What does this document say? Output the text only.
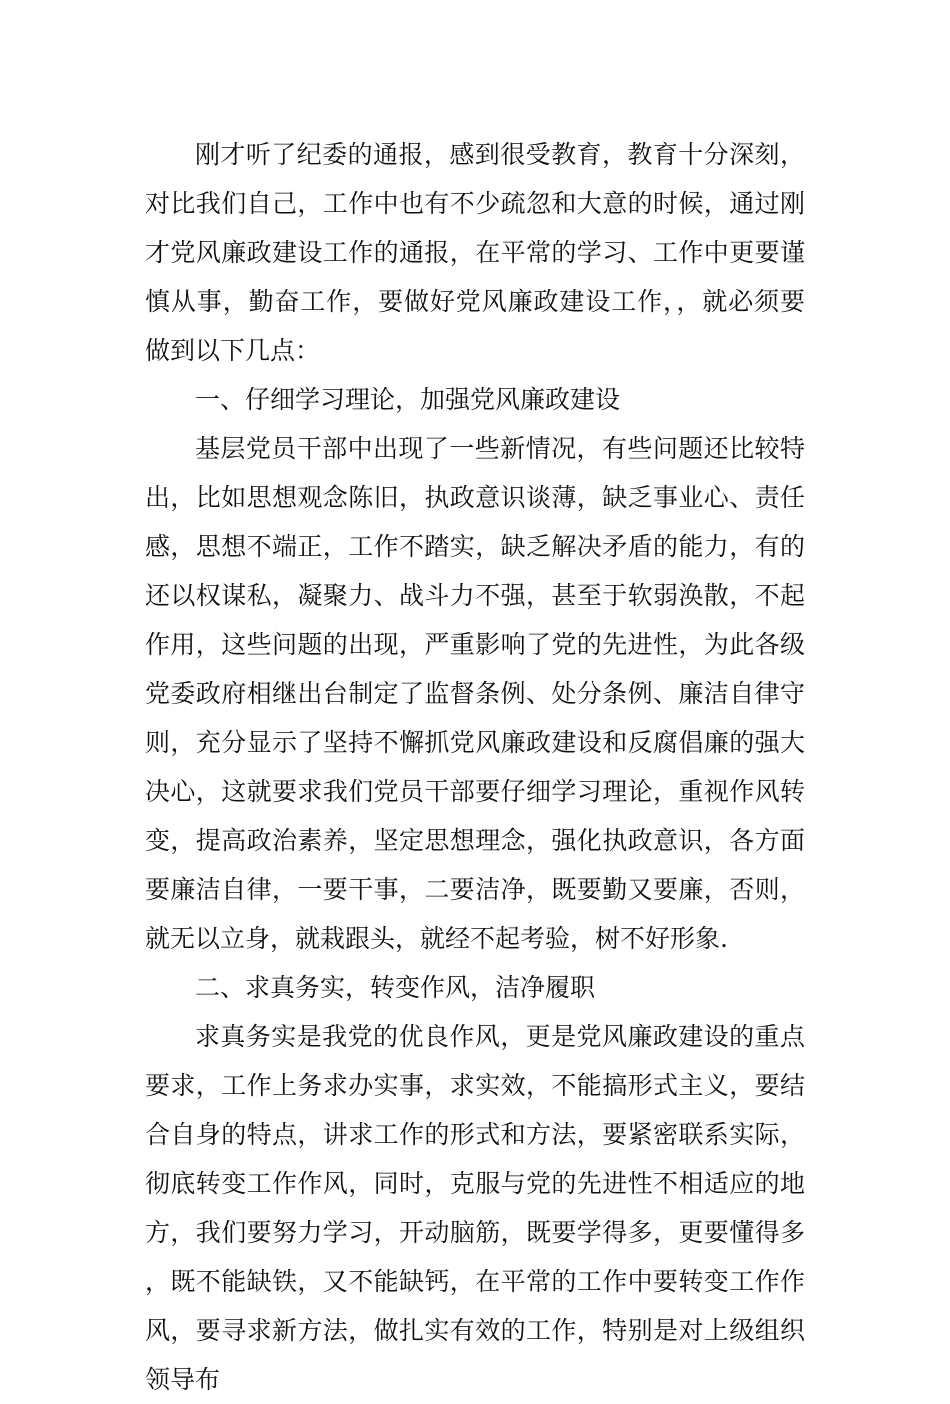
刚才听了纪委的通报，感到很受教育，教育十分深刻，对比我们自己，工作中也有不少疏忽和大意的时候，通过刚才党风廉政建设工作的通报，在平常的学习、工作中更要谨慎从事，勤奋工作，要做好党风廉政建设工作，，就必须要做到以下几点：

一、仔细学习理论，加强党风廉政建设

基层党员干部中出现了一些新情况，有些问题还比较特出，比如思想观念陈旧，执政意识谈薄，缺乏事业心、责任感，思想不端正，工作不踏实，缺乏解决矛盾的能力，有的还以权谋私，凝聚力、战斗力不强，甚至于软弱涣散，不起作用，这些问题的出现，严重影响了党的先进性，为此各级党委政府相继出台制定了监督条例、处分条例、廉洁自律守则，充分显示了坚持不懈抓党风廉政建设和反腐倡廉的强大决心，这就要求我们党员干部要仔细学习理论，重视作风转变，提高政治素养，坚定思想理念，强化执政意识，各方面要廉洁自律，一要干事，二要洁净，既要勤又要廉，否则，就无以立身，就栽跟头，就经不起考验，树不好形象.

二、求真务实，转变作风，洁净履职

求真务实是我党的优良作风，更是党风廉政建设的重点要求，工作上务求办实事，求实效，不能搞形式主义，要结合自身的特点，讲求工作的形式和方法，要紧密联系实际，彻底转变工作作风，同时，克服与党的先进性不相适应的地方，我们要努力学习，开动脑筋，既要学得多，更要懂得多，既不能缺铁，又不能缺钙，在平常的工作中要转变工作作风，要寻求新方法，做扎实有效的工作，特别是对上级组织领导布
